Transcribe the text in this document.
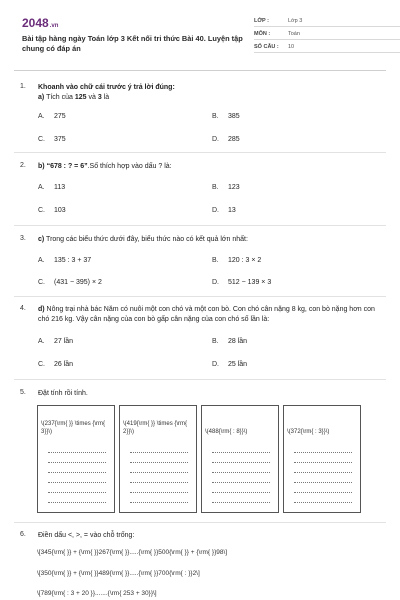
2048.vn
Bài tập hàng ngày Toán lớp 3 Kết nối tri thức Bài 40. Luyện tập chung có đáp án
LỚP :	Lớp 3
MÔN :	Toán
SỐ CÂU : 10
1. Khoanh vào chữ cái trước ý trả lời đúng:
a) Tích của 125 và 3 là
A. 275	B. 385
C. 375	D. 285
2. b) “678 : ? = 6”.Số thích hợp vào dấu ? là:
A. 113	B. 123
C. 103	D. 13
3. c) Trong các biểu thức dưới đây, biểu thức nào có kết quả lớn nhất:
A. 135 : 3 + 37	B. 120 : 3 × 2
C. (431 − 395) × 2	D. 512 − 139 × 3
4. d) Nông trại nhà bác Năm có nuôi một con chó và một con bò. Con chó cân nặng 8 kg, con bò nặng hơn con chó 216 kg. Vậy cân nặng của con bò gấp cân nặng của con chó số lần là:
A. 27 lần	B. 28 lần
C. 26 lần	D. 25 lần
5. Đặt tính rồi tính.
\(237{\rm{ }} \times {\rm{ 3}}\)
\(419{\rm{ }} \times {\rm{ 2}}\)	\(488{\rm{ : 8}}\)	\(372{\rm{ : 3}}\)
6. Điền dấu <, >, = vào chỗ trống:
\[345{\rm{ }} + {\rm{ }}267{\rm{ }}.....{\rm{ }}500{\rm{ }} + {\rm{ }}98\]
\[350{\rm{ }} + {\rm{ }}489{\rm{ }}.....{\rm{ }}700{\rm{ : }}2\]
\[789{\rm{ : 3 + 20 }}.......{\rm{ 253 + 30}}\]
